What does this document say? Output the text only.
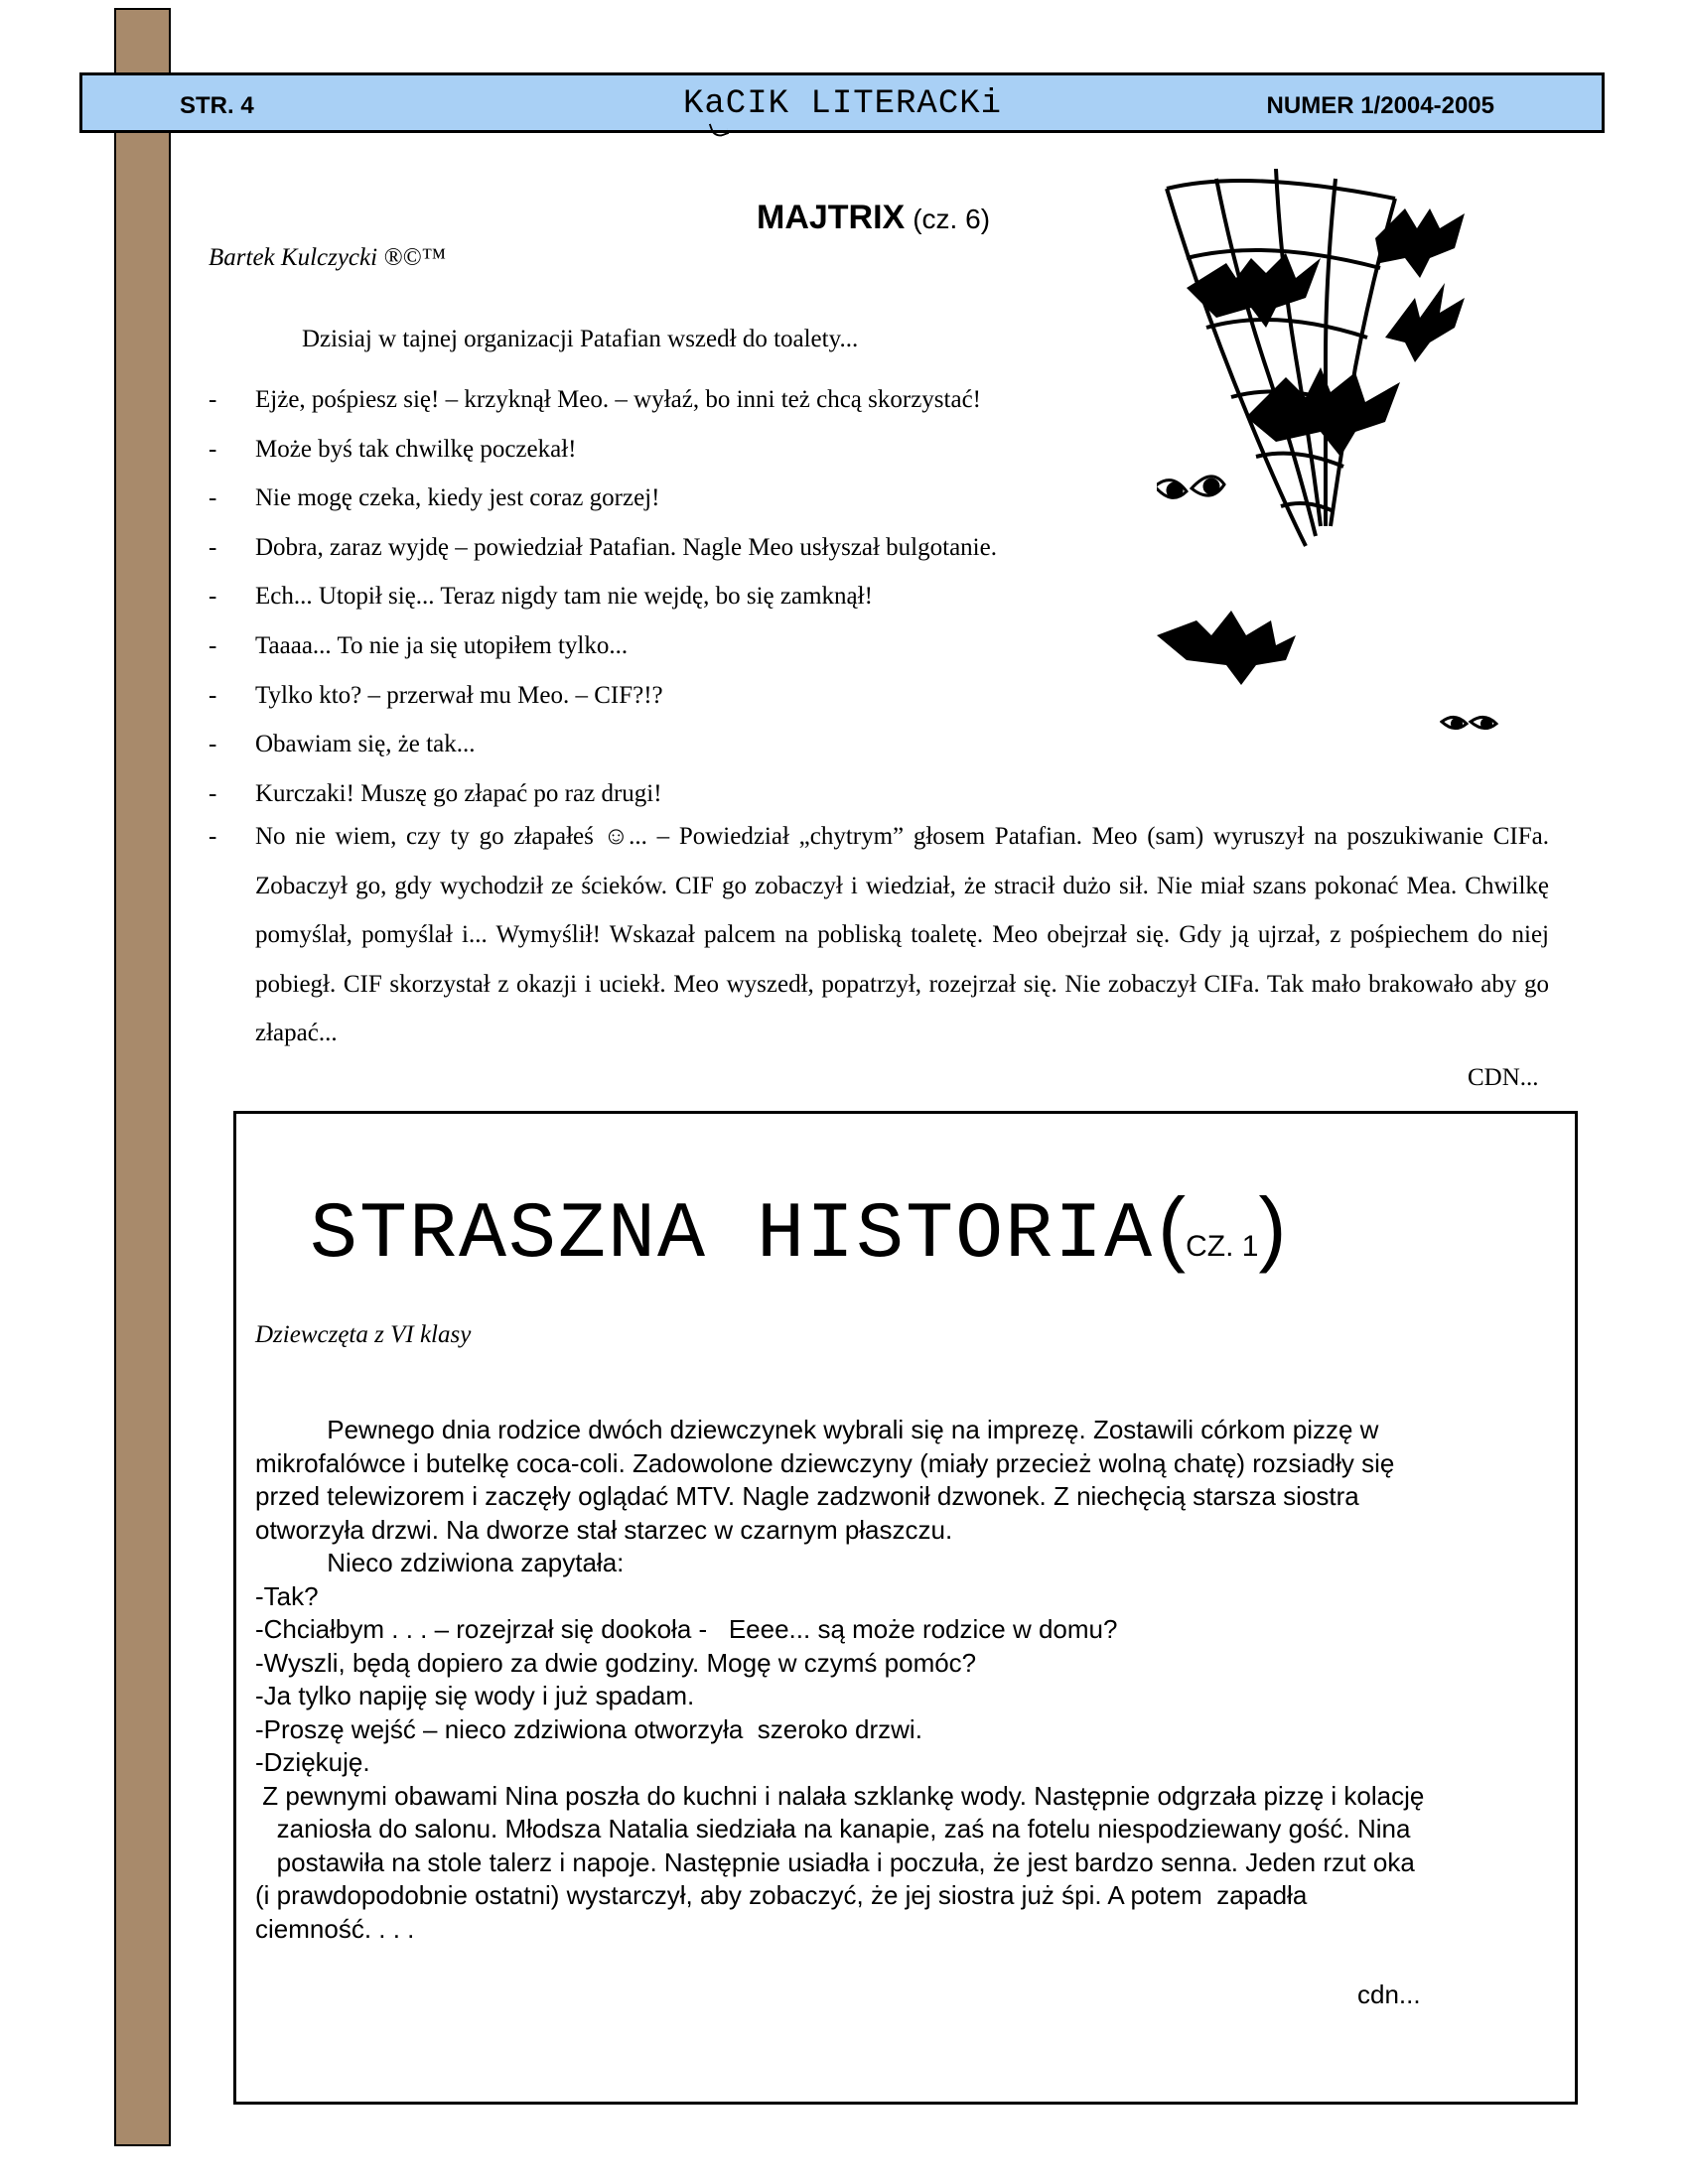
STR. 4	KaCIK LITERACKi	NUMER 1/2004-2005
Bartek Kulczycki ®©™
MAJTRIX (cz. 6)
Dzisiaj w tajnej organizacji Patafian wszedł do toalety...
- Ejże, pośpiesz się! – krzyknął Meo. – wyłaź, bo inni też chcą skorzystać!
- Może byś tak chwilkę poczekał!
- Nie mogę czeka, kiedy jest coraz gorzej!
- Dobra, zaraz wyjdę – powiedział Patafian. Nagle Meo usłyszał bulgotanie.
- Ech... Utopił się... Teraz nigdy tam nie wejdę, bo się zamknął!
- Taaaa... To nie ja się utopiłem tylko...
- Tylko kto? – przerwał mu Meo. – CIF?!?
- Obawiam się, że tak...
- Kurczaki! Muszę go złapać po raz drugi!
- No nie wiem, czy ty go złapałeś ☺... – Powiedział „chytrym” głosem Patafian. Meo (sam) wyruszył na poszukiwanie CIFa. Zobaczył go, gdy wychodził ze ścieków. CIF go zobaczył i wiedział, że stracił dużo sił. Nie miał szans pokonać Mea. Chwilkę pomyślał, pomyślał i... Wymyślił! Wskazał palcem na pobliską toaletę. Meo obejrzał się. Gdy ją ujrzał, z pośpiechem do niej pobiegł. CIF skorzystał z okazji i uciekł. Meo wyszedł, popatrzył, rozejrzał się. Nie zobaczył CIFa. Tak mało brakowało aby go złapać...
CDN...
STRASZNA HISTORIA (CZ. 1)
Dziewczęta z VI klasy
Pewnego dnia rodzice dwóch dziewczynek wybrali się na imprezę. Zostawili córkom pizzę w
mikrofalówce i butelkę coca-coli. Zadowolone dziewczyny (miały przecież wolną chatę) rozsiadły się
przed telewizorem i zaczęły oglądać MTV. Nagle zadzwonił dzwonek. Z niechęcią starsza siostra
otworzyła drzwi. Na dworze stał starzec w czarnym płaszczu.
Nieco zdziwiona zapytała:
-Tak?
-Chciałbym . . . – rozejrzał się dookoła -   Eeee... są może rodzice w domu?
-Wyszli, będą dopiero za dwie godziny. Mogę w czymś pomóc?
-Ja tylko napiję się wody i już spadam.
-Proszę wejść – nieco zdziwiona otworzyła  szeroko drzwi.
-Dziękuję.
Z pewnymi obawami Nina poszła do kuchni i nalała szklankę wody. Następnie odgrzała pizzę i kolację
zaniosła do salonu. Młodsza Natalia siedziała na kanapie, zaś na fotelu niespodziewany gość. Nina
postawiła na stole talerz i napoje. Następnie usiadła i poczuła, że jest bardzo senna. Jeden rzut oka
(i prawdopodobnie ostatni) wystarczył, aby zobaczyć, że jej siostra już śpi. A potem  zapadła
ciemność. . . .
cdn...
